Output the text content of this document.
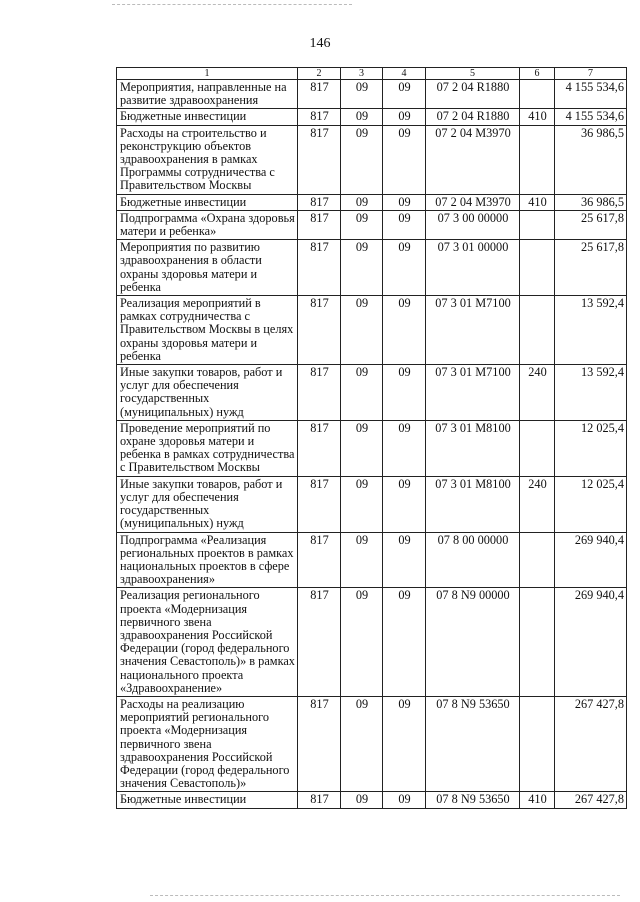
146
1	2	3	4	5	6	7
Мероприятия, направленные на развитие здравоохранения	817	09	09	07 2 04 R1880		4 155 534,6
Бюджетные инвестиции	817	09	09	07 2 04 R1880	410	4 155 534,6
Расходы на строительство и реконструкцию объектов здравоохранения в рамках Программы сотрудничества с Правительством Москвы	817	09	09	07 2 04 M3970		36 986,5
Бюджетные инвестиции	817	09	09	07 2 04 M3970	410	36 986,5
Подпрограмма «Охрана здоровья матери и ребенка»	817	09	09	07 3 00 00000		25 617,8
Мероприятия по развитию здравоохранения в области охраны здоровья матери и ребенка	817	09	09	07 3 01 00000		25 617,8
Реализация мероприятий в рамках сотрудничества с Правительством Москвы в целях охраны здоровья матери и ребенка	817	09	09	07 3 01 M7100		13 592,4
Иные закупки товаров, работ и услуг для обеспечения государственных (муниципальных) нужд	817	09	09	07 3 01 M7100	240	13 592,4
Проведение мероприятий по охране здоровья матери и ребенка в рамках сотрудничества с Правительством Москвы	817	09	09	07 3 01 M8100		12 025,4
Иные закупки товаров, работ и услуг для обеспечения государственных (муниципальных) нужд	817	09	09	07 3 01 M8100	240	12 025,4
Подпрограмма «Реализация региональных проектов в рамках национальных проектов в сфере здравоохранения»	817	09	09	07 8 00 00000		269 940,4
Реализация регионального проекта «Модернизация первичного звена здравоохранения Российской Федерации (город федерального значения Севастополь)» в рамках национального проекта «Здравоохранение»	817	09	09	07 8 N9 00000		269 940,4
Расходы на реализацию мероприятий регионального проекта «Модернизация первичного звена здравоохранения Российской Федерации (город федерального значения Севастополь)»	817	09	09	07 8 N9 53650		267 427,8
Бюджетные инвестиции	817	09	09	07 8 N9 53650	410	267 427,8
